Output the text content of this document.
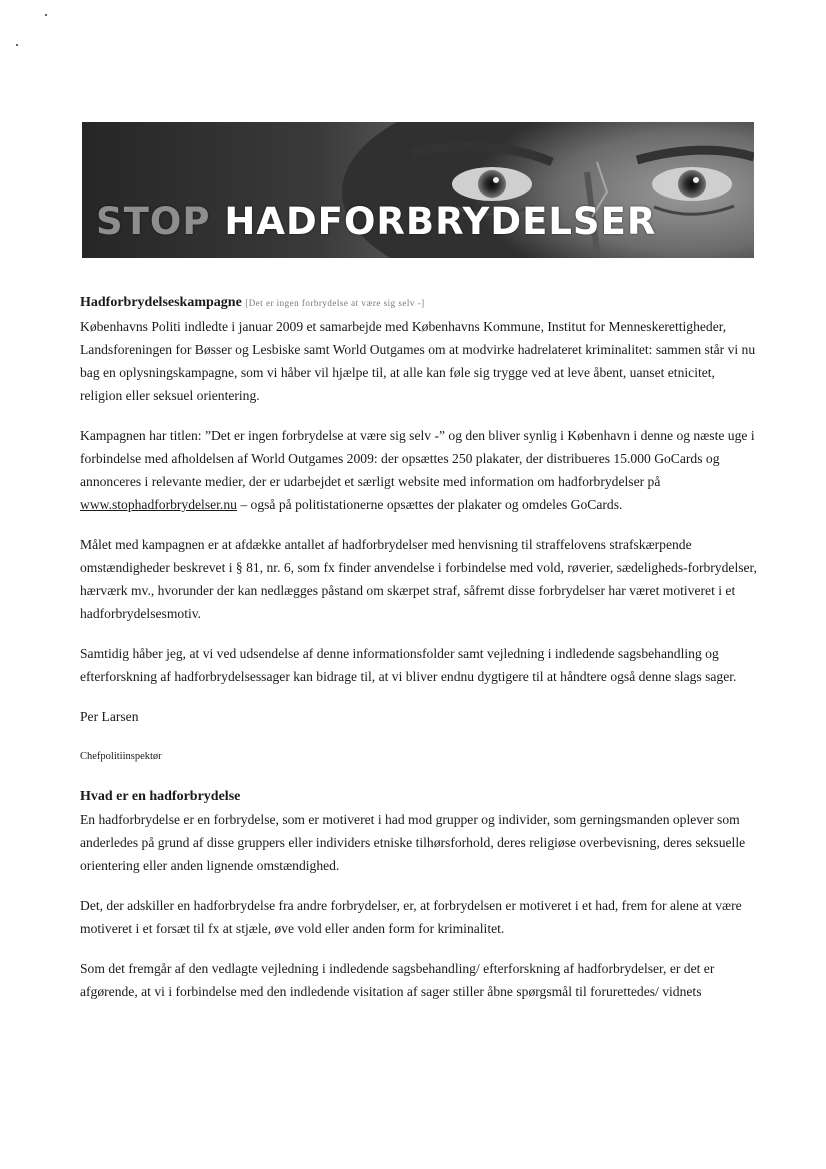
STOP HADFORBRYDELSER
Hadforbrydelseskampagne [Det er ingen forbrydelse at være sig selv -]

Københavns Politi indledte i januar 2009 et samarbejde med Københavns Kommune, Institut for Menneskerettigheder, Landsforeningen for Bøsser og Lesbiske samt World Outgames om at modvirke hadrelateret kriminalitet: sammen står vi nu bag en oplysningskampagne, som vi håber vil hjælpe til, at alle kan føle sig trygge ved at leve åbent, uanset etnicitet, religion eller seksuel orientering.

Kampagnen har titlen: ”Det er ingen forbrydelse at være sig selv -” og den bliver synlig i København i denne og næste uge i forbindelse med afholdelsen af World Outgames 2009: der opsættes 250 plakater, der distribueres 15.000 GoCards og annonceres i relevante medier, der er udarbejdet et særligt website med information om hadforbrydelser på www.stophadforbrydelser.nu – også på politistationerne opsættes der plakater og omdeles GoCards.

Målet med kampagnen er at afdække antallet af hadforbrydelser med henvisning til straffelovens strafskærpende omstændigheder beskrevet i § 81, nr. 6, som fx finder anvendelse i forbindelse med vold, røverier, sædeligheds-forbrydelser, hærværk mv., hvorunder der kan nedlægges påstand om skærpet straf, såfremt disse forbrydelser har været motiveret i et hadforbrydelsesmotiv.

Samtidig håber jeg, at vi ved udsendelse af denne informationsfolder samt vejledning i indledende sagsbehandling og efterforskning af hadforbrydelsessager kan bidrage til, at vi bliver endnu dygtigere til at håndtere også denne slags sager.

Per Larsen

Chefpolitiinspektør

Hvad er en hadforbrydelse

En hadforbrydelse er en forbrydelse, som er motiveret i had mod grupper og individer, som gerningsmanden oplever som anderledes på grund af disse gruppers eller individers etniske tilhørsforhold, deres religiøse overbevisning, deres seksuelle orientering eller anden lignende omstændighed.

Det, der adskiller en hadforbrydelse fra andre forbrydelser, er, at forbrydelsen er motiveret i et had, frem for alene at være motiveret i et forsæt til fx at stjæle, øve vold eller anden form for kriminalitet.

Som det fremgår af den vedlagte vejledning i indledende sagsbehandling/ efterforskning af hadforbrydelser, er det er afgørende, at vi i forbindelse med den indledende visitation af sager stiller åbne spørgsmål til forurettedes/ vidnets
